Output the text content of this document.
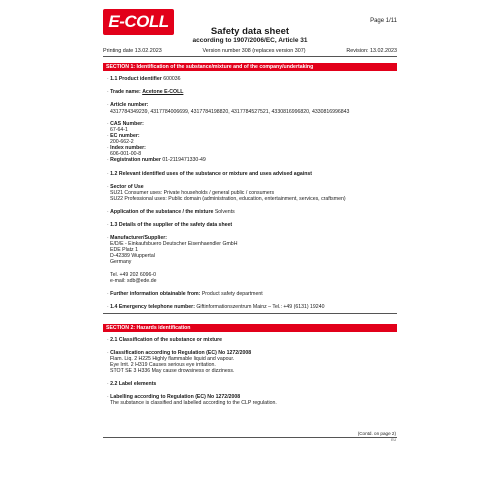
E-COLL	Page 1/11
Safety data sheet
according to 1907/2006/EC, Article 31
Printing date 13.02.2023	Version number 308 (replaces version 307)	Revision: 13.02.2023
SECTION 1: Identification of the substance/mixture and of the company/undertaking
· 1.1 Product identifier 600036
· Trade name: Acetone E-COLL
· Article number:
4317784349239, 4317784006699, 4317784198820, 4317784527521, 4330816996820, 4330816996843
· CAS Number:
67-64-1
· EC number:
200-662-2
· Index number:
606-001-00-8
· Registration number 01-2119471330-49
· 1.2 Relevant identified uses of the substance or mixture and uses advised against
· Sector of Use
SU21 Consumer uses: Private households / general public / consumers
SU22 Professional uses: Public domain (administration, education, entertainment, services, craftsmen)
· Application of the substance / the mixture Solvents
· 1.3 Details of the supplier of the safety data sheet
· Manufacturer/Supplier:
E/D/E - Einkaufsbuero Deutscher Eisenhaendler GmbH
EDE Platz 1
D-42389 Wuppertal
Germany
Tel. +49 202 6096-0
e-mail: sdb@ede.de
· Further information obtainable from: Product safety department
· 1.4 Emergency telephone number: Giftinformationszentrum Mainz – Tel.: +49 (6131) 19240
SECTION 2: Hazards identification
· 2.1 Classification of the substance or mixture
· Classification according to Regulation (EC) No 1272/2008
Flam. Liq. 2 H225 Highly flammable liquid and vapour.
Eye Irrit. 2 H319 Causes serious eye irritation.
STOT SE 3 H336 May cause drowsiness or dizziness.
· 2.2 Label elements
· Labelling according to Regulation (EC) No 1272/2008
The substance is classified and labelled according to the CLP regulation.
(Contd. on page 2)
EU
